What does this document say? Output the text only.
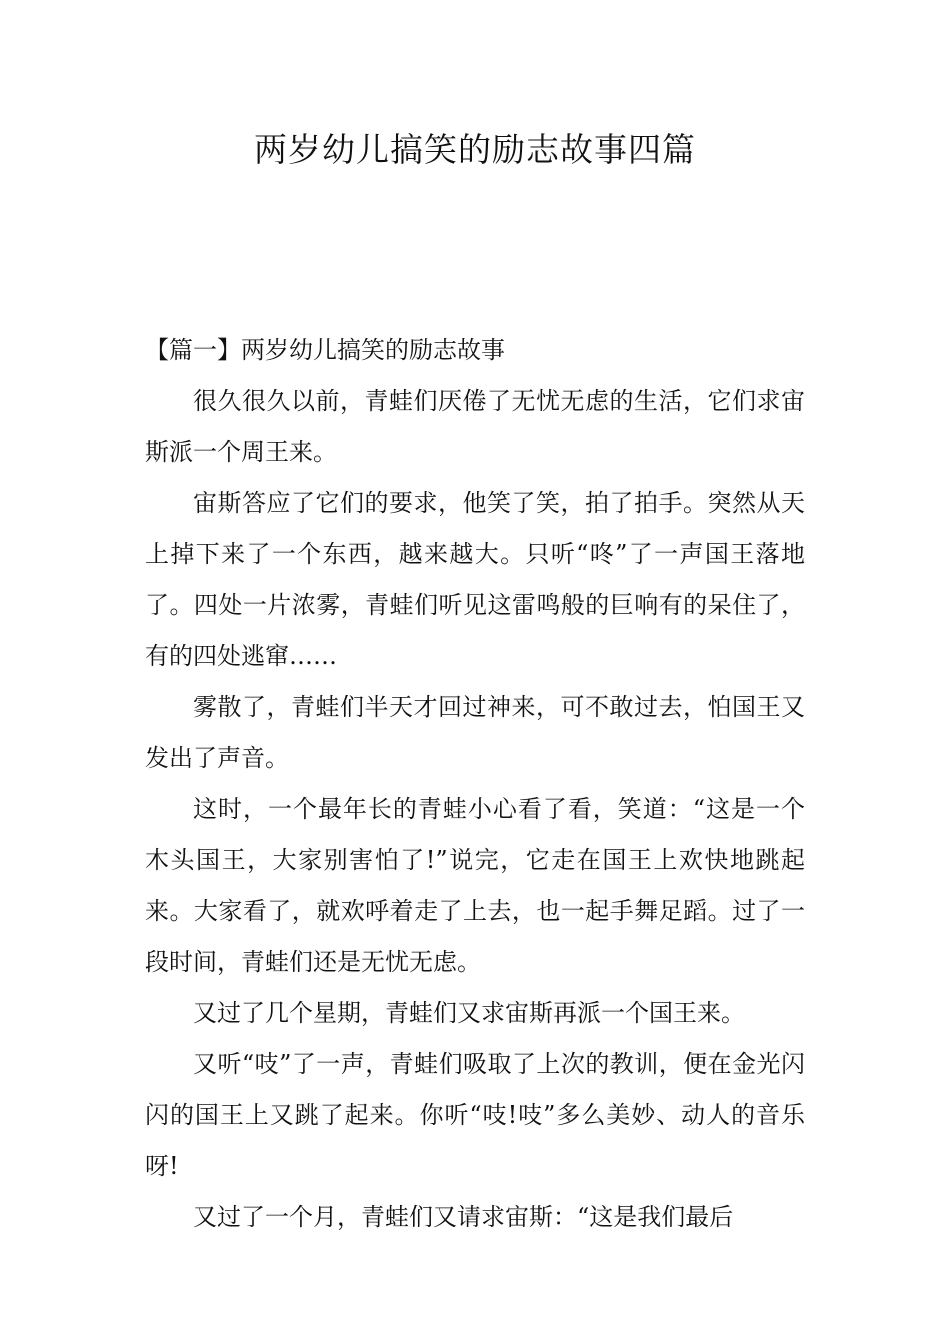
两岁幼儿搞笑的励志故事四篇
【篇一】两岁幼儿搞笑的励志故事

很久很久以前，青蛙们厌倦了无忧无虑的生活，它们求宙斯派一个周王来。

宙斯答应了它们的要求，他笑了笑，拍了拍手。突然从天上掉下来了一个东西，越来越大。只听“咚”了一声国王落地了。四处一片浓雾，青蛙们听见这雷鸣般的巨响有的呆住了，有的四处逃窜……

雾散了，青蛙们半天才回过神来，可不敢过去，怕国王又发出了声音。

这时，一个最年长的青蛙小心看了看，笑道：“这是一个木头国王，大家别害怕了!”说完，它走在国王上欢快地跳起来。大家看了，就欢呼着走了上去，也一起手舞足蹈。过了一段时间，青蛙们还是无忧无虑。

又过了几个星期，青蛙们又求宙斯再派一个国王来。

又听“吱”了一声，青蛙们吸取了上次的教训，便在金光闪闪的国王上又跳了起来。你听“吱!吱”多么美妙、动人的音乐呀!

又过了一个月，青蛙们又请求宙斯：“这是我们最后
